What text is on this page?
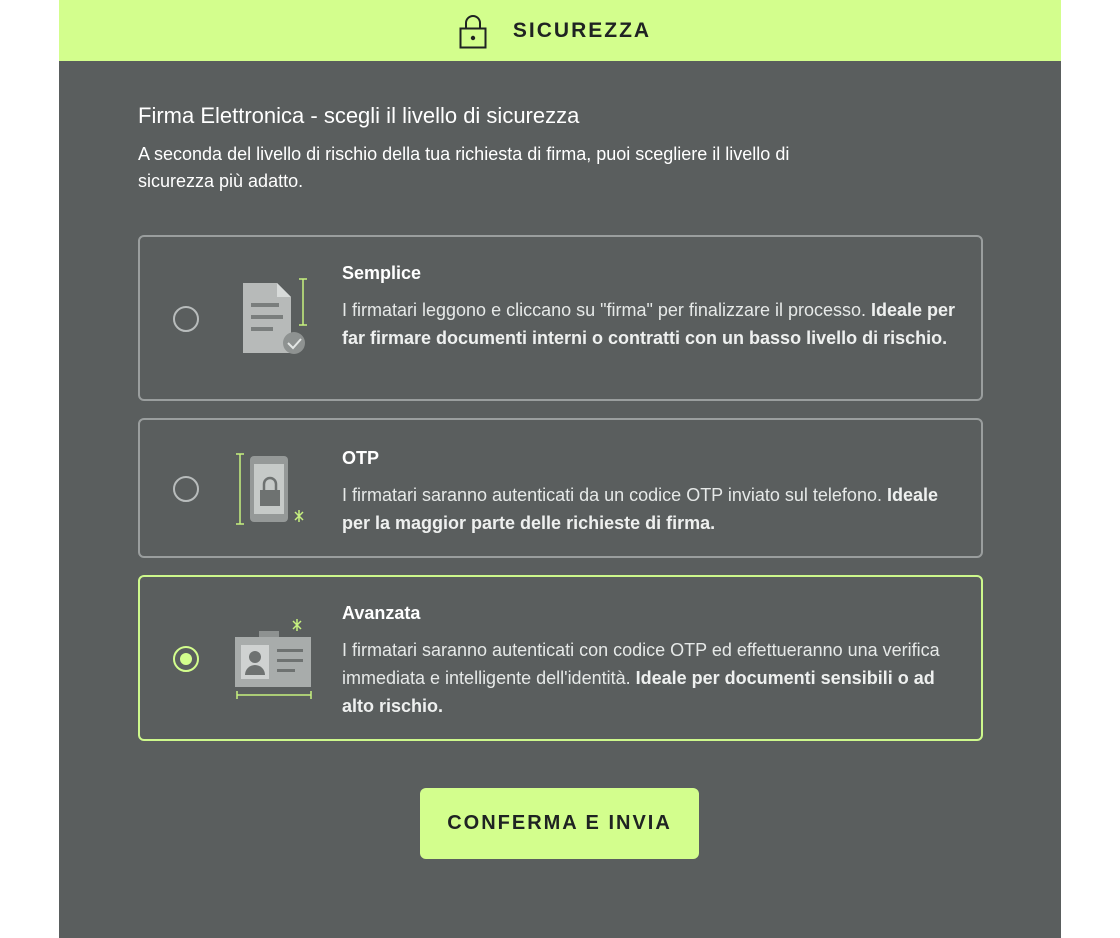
SICUREZZA
Firma Elettronica - scegli il livello di sicurezza

A seconda del livello di rischio della tua richiesta di firma, puoi scegliere il livello di sicurezza più adatto.

Semplice
I firmatari leggono e cliccano su "firma" per finalizzare il processo. Ideale per far firmare documenti interni o contratti con un basso livello di rischio.
OTP
I firmatari saranno autenticati da un codice OTP inviato sul telefono. Ideale per la maggior parte delle richieste di firma.
Avanzata
I firmatari saranno autenticati con codice OTP ed effettueranno una verifica immediata e intelligente dell'identità. Ideale per documenti sensibili o ad alto rischio.
CONFERMA E INVIA
